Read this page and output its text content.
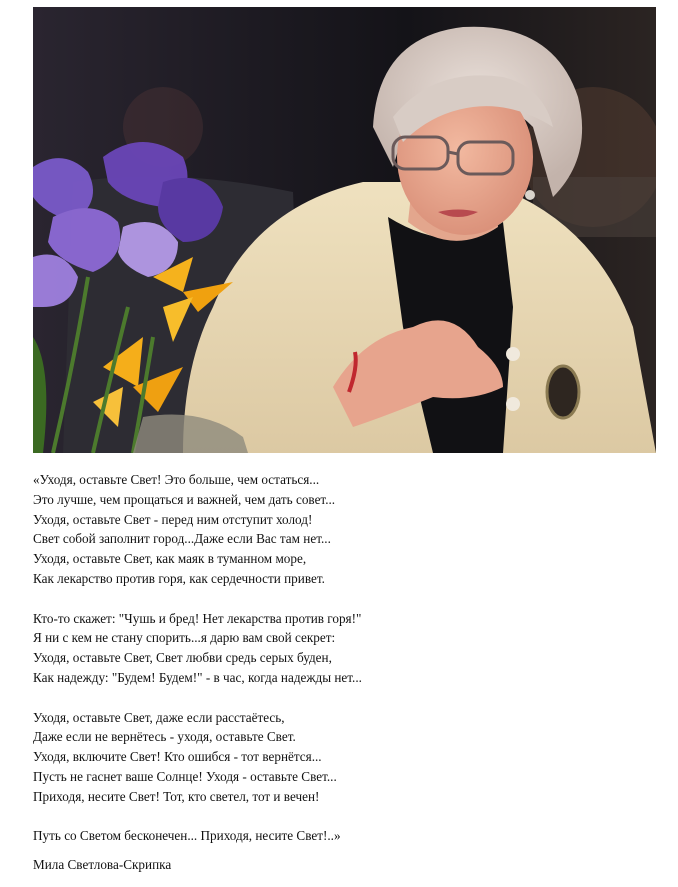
«Уходя, оставьте Свет! Это больше, чем остаться...
Это лучше, чем прощаться и важней, чем дать совет...
Уходя, оставьте Свет - перед ним отступит холод!
Свет собой заполнит город...Даже если Вас там нет...
Уходя, оставьте Свет, как маяк в туманном море,
Как лекарство против горя, как сердечности привет.
Кто-то скажет: "Чушь и бред! Нет лекарства против горя!"
Я ни с кем не стану спорить...я дарю вам свой секрет:
Уходя, оставьте Свет, Свет любви средь серых буден,
Как надежду: "Будем! Будем!" - в час, когда надежды нет...
Уходя, оставьте Свет, даже если расстаётесь,
Даже если не вернётесь - уходя, оставьте Свет.
Уходя, включите Свет! Кто ошибся - тот вернётся...
Пусть не гаснет ваше Солнце! Уходя - оставьте Свет...
Приходя, несите Свет! Тот, кто светел, тот и вечен!
Путь со Светом бесконечен... Приходя, несите Свет!..»
Мила Светлова-Скрипка
